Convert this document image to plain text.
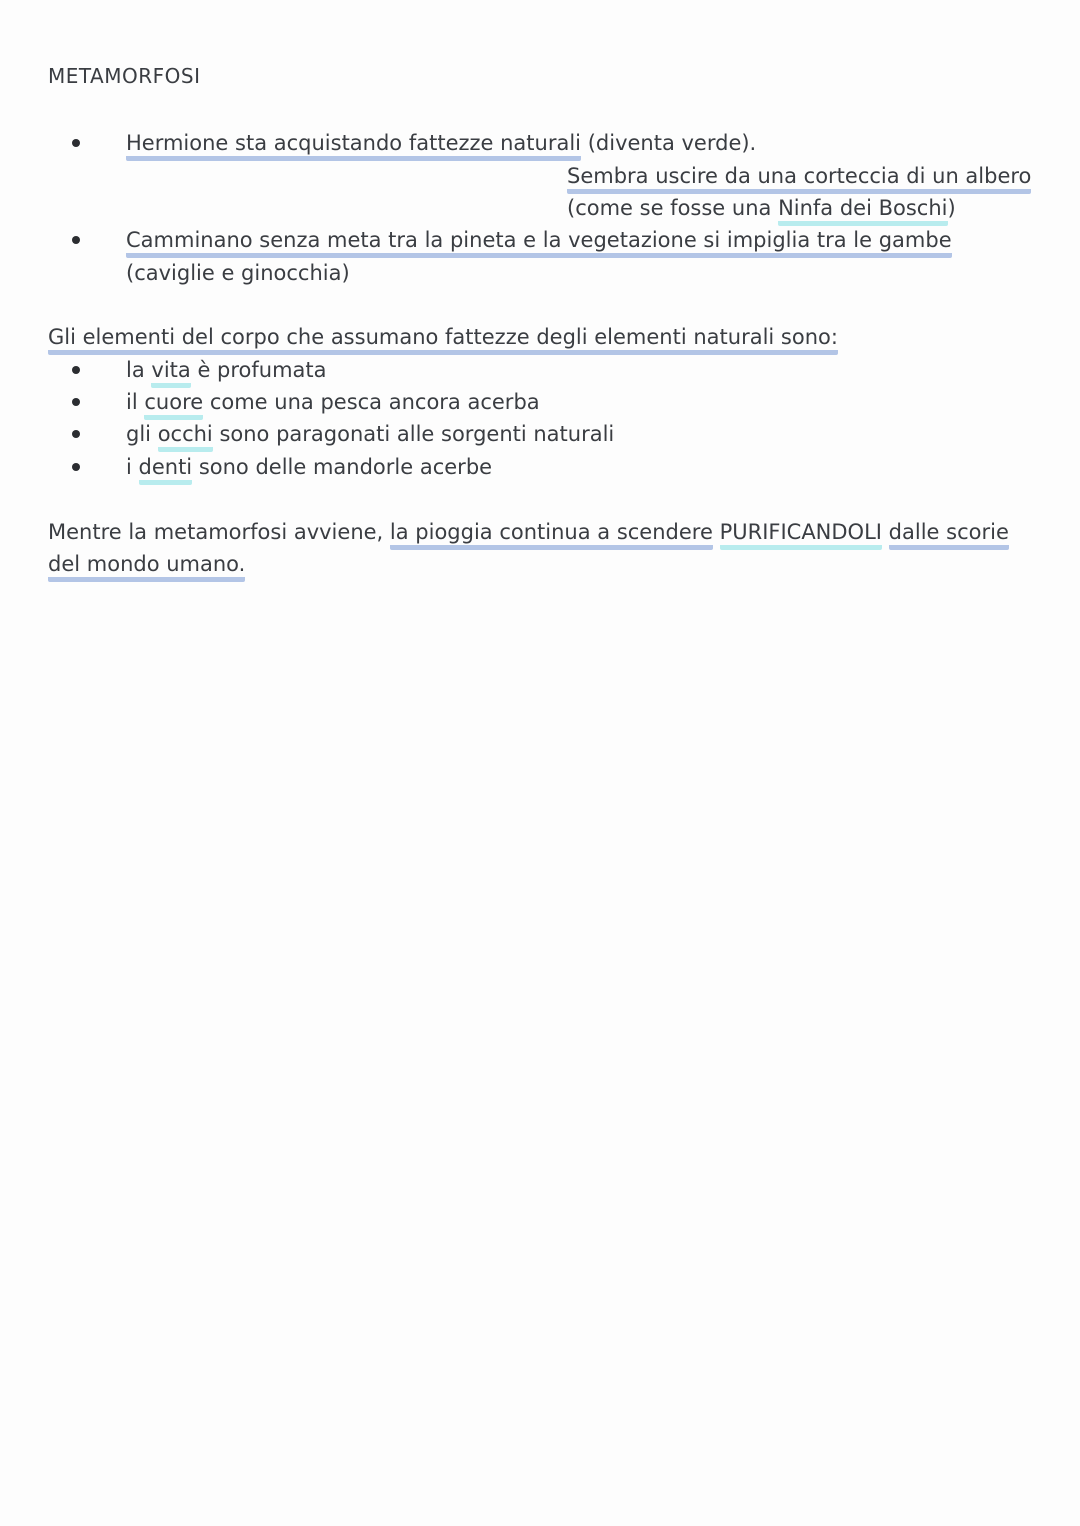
METAMORFOSI
Hermione sta acquistando fattezze naturali (diventa verde).
Sembra uscire da una corteccia di un albero
(come se fosse una Ninfa dei Boschi)
Camminano senza meta tra la pineta e la vegetazione si impiglia tra le gambe
(caviglie e ginocchia)
Gli elementi del corpo che assumano fattezze degli elementi naturali sono:
la vita è profumata
il cuore come una pesca ancora acerba
gli occhi sono paragonati alle sorgenti naturali
i denti sono delle mandorle acerbe
Mentre la metamorfosi avviene, la pioggia continua a scendere PURIFICANDOLI dalle scorie
del mondo umano.
